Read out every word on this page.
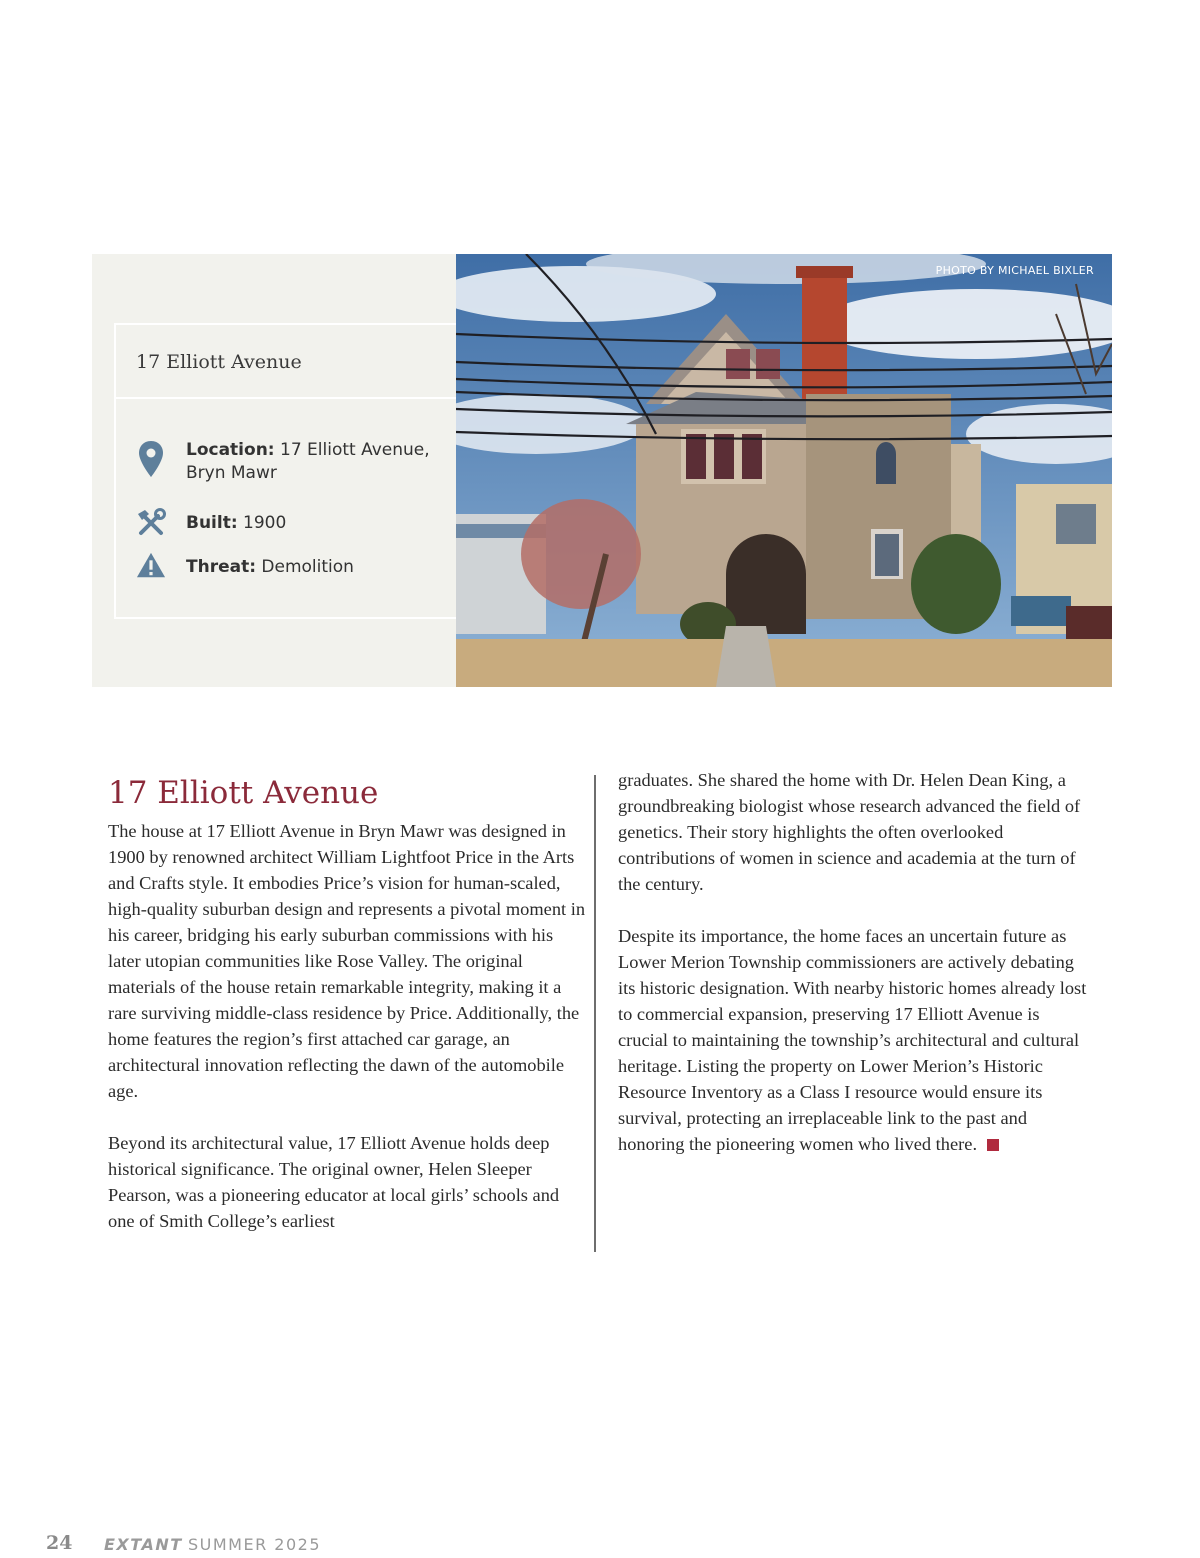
17 Elliott Avenue
Location: 17 Elliott Avenue,
Bryn Mawr
Built: 1900
Threat: Demolition
PHOTO BY MICHAEL BIXLER
17 Elliott Avenue

The house at 17 Elliott Avenue in Bryn Mawr was designed in 1900 by renowned architect William Lightfoot Price in the Arts and Crafts style. It embodies Price’s vision for human-scaled, high-quality suburban design and represents a pivotal moment in his career, bridging his early suburban commissions with his later utopian communities like Rose Valley. The original materials of the house retain remarkable integrity, making it a rare surviving middle-class residence by Price. Additionally, the home features the region’s first attached car garage, an architectural innovation reflecting the dawn of the automobile age.

Beyond its architectural value, 17 Elliott Avenue holds deep historical significance. The original owner, Helen Sleeper Pearson, was a pioneering educator at local girls’ schools and one of Smith College’s earliest

graduates. She shared the home with Dr. Helen Dean King, a groundbreaking biologist whose research advanced the field of genetics. Their story highlights the often overlooked contributions of women in science and academia at the turn of the century.

Despite its importance, the home faces an uncertain future as Lower Merion Township commissioners are actively debating its historic designation. With nearby historic homes already lost to commercial expansion, preserving 17 Elliott Avenue is crucial to maintaining the township’s architectural and cultural heritage. Listing the property on Lower Merion’s Historic Resource Inventory as a Class I resource would ensure its survival, protecting an irreplaceable link to the past and honoring the pioneering women who lived there.

24 EXTANT SUMMER 2025
